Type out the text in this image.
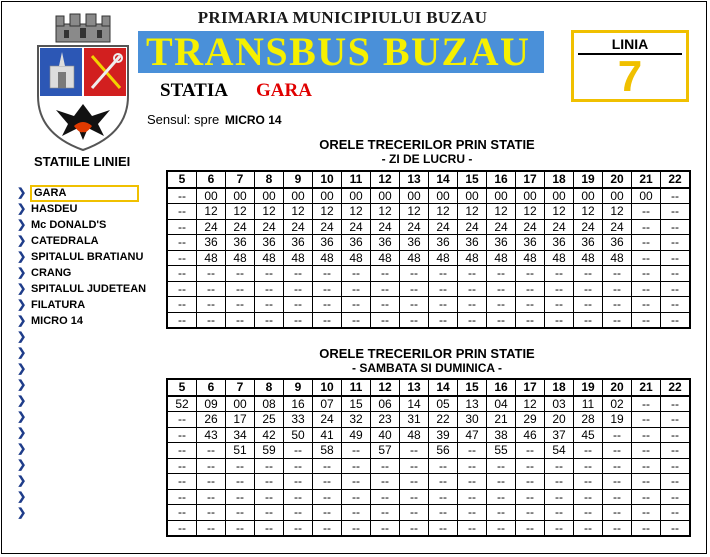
PRIMARIA MUNICIPIULUI BUZAU
TRANSBUS BUZAU
STATIA GARA
Sensul: spre MICRO 14
LINIA
7
STATIILE LINIEI
❯ GARA
❯ HASDEU
❯ Mc DONALD'S
❯ CATEDRALA
❯ SPITALUL BRATIANU
❯ CRANG
❯ SPITALUL JUDETEAN
❯ FILATURA
❯ MICRO 14
❯
❯
❯
❯
❯
❯
❯
❯
❯
❯
❯
❯
ORELE TRECERILOR PRIN STATIE
- ZI DE LUCRU -
5	6	7	8	9	10	11	12	13	14	15	16	17	18	19	20	21	22
--	00	00	00	00	00	00	00	00	00	00	00	00	00	00	00	00	--
--	12	12	12	12	12	12	12	12	12	12	12	12	12	12	12	--	--
--	24	24	24	24	24	24	24	24	24	24	24	24	24	24	24	--	--
--	36	36	36	36	36	36	36	36	36	36	36	36	36	36	36	--	--
--	48	48	48	48	48	48	48	48	48	48	48	48	48	48	48	--	--
--	--	--	--	--	--	--	--	--	--	--	--	--	--	--	--	--	--
--	--	--	--	--	--	--	--	--	--	--	--	--	--	--	--	--	--
--	--	--	--	--	--	--	--	--	--	--	--	--	--	--	--	--	--
--	--	--	--	--	--	--	--	--	--	--	--	--	--	--	--	--	--
ORELE TRECERILOR PRIN STATIE
- SAMBATA SI DUMINICA -
5	6	7	8	9	10	11	12	13	14	15	16	17	18	19	20	21	22
52	09	00	08	16	07	15	06	14	05	13	04	12	03	11	02	--	--
--	26	17	25	33	24	32	23	31	22	30	21	29	20	28	19	--	--
--	43	34	42	50	41	49	40	48	39	47	38	46	37	45	--	--	--
--	--	51	59	--	58	--	57	--	56	--	55	--	54	--	--	--	--
--	--	--	--	--	--	--	--	--	--	--	--	--	--	--	--	--	--
--	--	--	--	--	--	--	--	--	--	--	--	--	--	--	--	--	--
--	--	--	--	--	--	--	--	--	--	--	--	--	--	--	--	--	--
--	--	--	--	--	--	--	--	--	--	--	--	--	--	--	--	--	--
--	--	--	--	--	--	--	--	--	--	--	--	--	--	--	--	--	--
